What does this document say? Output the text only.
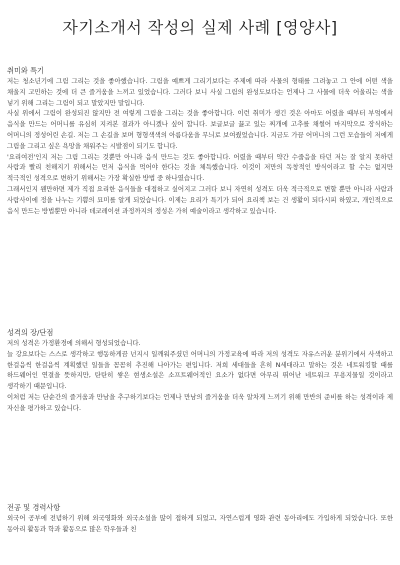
자기소개서 작성의 실제 사례 [영양사]
취미와 특기
저는 청소년기에 그림 그리는 것을 좋아했습니다. 그림을 예쁘게 그리기보다는 주제에 따라 사물의 형태를 그려놓고 그 안에 어떤 색을 채울지 고민하는 것에 더 큰 즐거움을 느끼고 있었습니다. 그러다 보니 사실 그림의 완성도보다는 언제나 그 사물에 더욱 어울리는 색을 넣기 위해 그리는 그림이 되고 말았지만 말입니다.
사실 위에서 그림이 완성되진 않지만 전 여렇게 그림을 그리는 것을 좋아합니다. 이런 취미가 생긴 것은 아마도 어렸을 때부터 부엌에서 음식을 만드는 어머니를 유심히 지켜본 결과가 아니겠나 싶어 합니다. 보글보글 끓고 있는 찌개에 고추를 채썰어 마지막으로 장식하는 어머니의 정성어린 손길. 저는 그 손길을 보며 형형색색의 아름다움을 무늬로 보여줬었습니다. 지금도 가끔 어머니의 그런 모습들이 저에게 그림을 그리고 싶은 욕망을 채워주는 시발점이 되기도 합니다.
'요리여전'인지 저는 그림 그리는 것뿐만 아니라 음식 만드는 것도 좋아합니다. 어렸을 때부터 약간 수줍음을 타던 저는 잘 알지 못하던 사람과 빨리 친해지기 위해서는 먼저 음식을 먹어야 한다는 것을 체득했습니다. 이것이 저만의 독창적인 방식이라고 할 수는 없지만 적극적인 성격으로 변하기 위해서는 가장 확실한 방법 중 하나였습니다.
그래서인지 웬만하면 제가 직접 요리한 음식들을 대접하고 싶어지고 그러다 보니 자연히 성격도 더욱 적극적으로 변할 뿐만 아니라 사람과 사람사이에 정을 나누는 기쁨의 묘미를 알게 되었습니다. 이제는 요리가 특기가 되어 요리책 보는 건 생활이 되다시피 하였고, 개인적으로 음식 만드는 방법뿐만 아니라 데코레이션 과정까지의 정성은 가히 예술이라고 생각하고 있습니다.
성격의 장/단점
저의 성격은 가정환경에 의해서 형성되었습니다.
늘 강요보다는 스스로 생각하고 행동하게끔 넌지시 일깨워주셨던 어머니의 가정교육에 따라 저의 성격도 자유스러운 분위기에서 사색하고 한걸음씩 한걸음씩 계획했던 일들을 꼼꼼히 추진해 나아가는 편입니다. 저희 세대들을 흔히 N세대라고 말하는 것은 네트워킹할 때를 하드웨어인 연결을 뜻하지만, 탄탄히 쌓은 현생소설은 소프트웨어적인 요소가 없다면 아무리 뛰어난 네트워크 무용지물일 것이라고 생각하기 때문입니다.
이처럼 저는 단순간의 즐거움과 만남을 추구하기보다는 언제나 만남의 즐거움을 더욱 알차게 느끼기 위해 만반의 준비를 하는 성격이라 제 자신을 평가하고 있습니다.
전공 및 경력사항
외국어 공부에 전념하기 위해 외국영화와 외국소설을 많이 접하게 되었고, 자연스럽게 영화 관련 동아리에도 가입하게 되었습니다. 또한 동아리 활동과 학과 활동으로 많은 학우들과 친
